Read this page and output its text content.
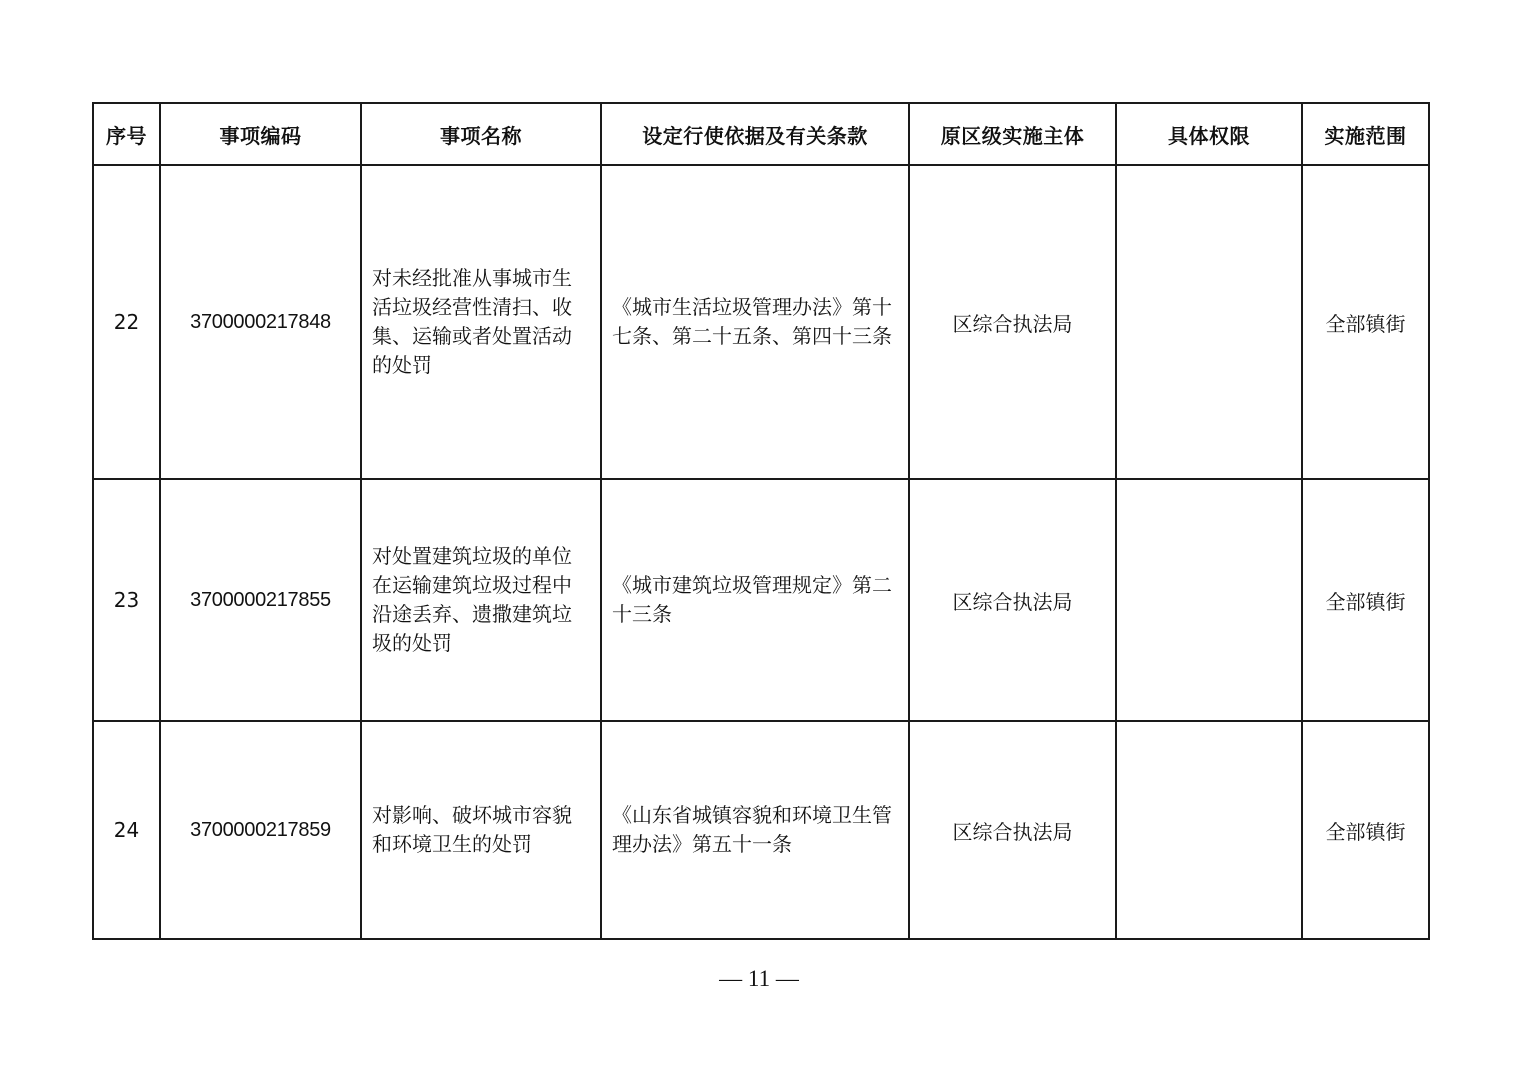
序号	事项编码	事项名称	设定行使依据及有关条款	原区级实施主体	具体权限	实施范围
22	3700000217848	对未经批准从事城市生活垃圾经营性清扫、收集、运输或者处置活动的处罚	《城市生活垃圾管理办法》第十七条、第二十五条、第四十三条	区综合执法局		全部镇街
23	3700000217855	对处置建筑垃圾的单位在运输建筑垃圾过程中沿途丢弃、遗撒建筑垃圾的处罚	《城市建筑垃圾管理规定》第二十三条	区综合执法局		全部镇街
24	3700000217859	对影响、破坏城市容貌和环境卫生的处罚	《山东省城镇容貌和环境卫生管理办法》第五十一条	区综合执法局		全部镇街
— 11 —
